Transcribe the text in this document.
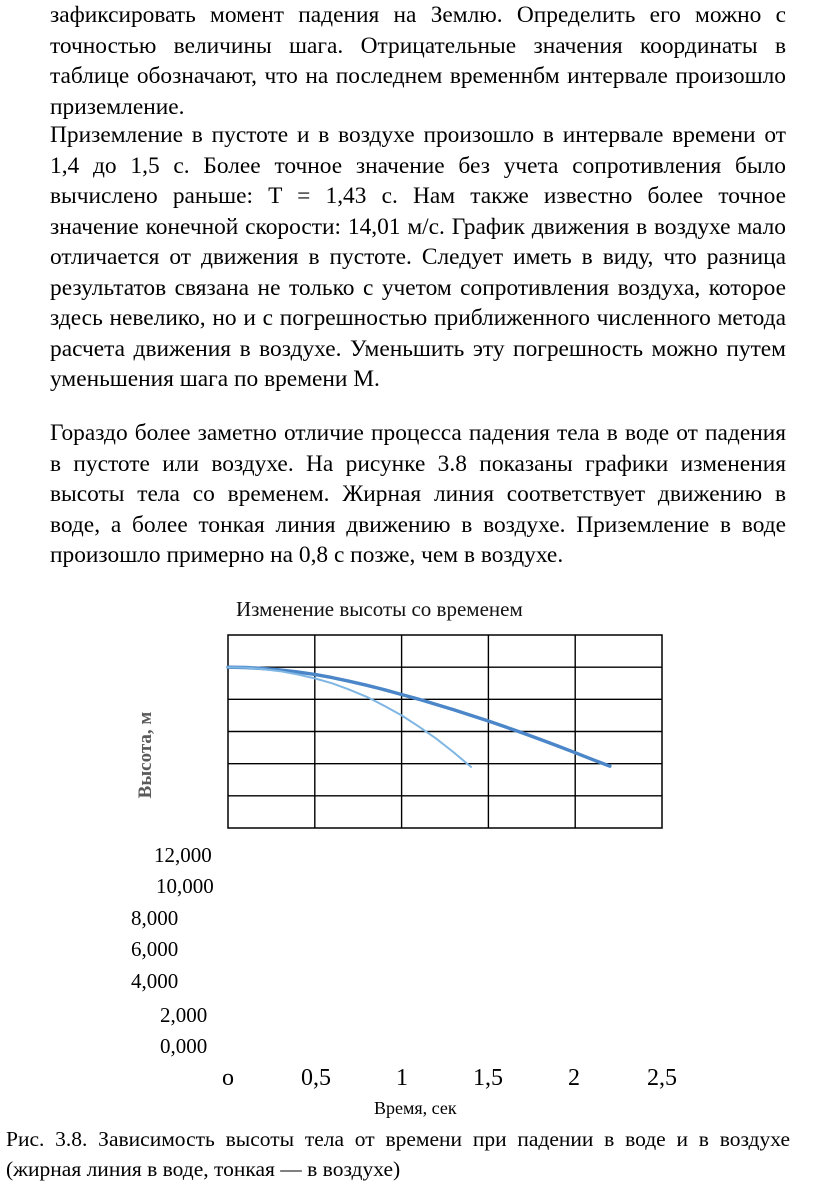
зафиксировать момент падения на Землю. Определить его можно с точностью величины шага. Отрицательные значения координаты в таблице обозначают, что на последнем временнбм интервале произошло приземление.

Приземление в пустоте и в воздухе произошло в интервале времени от 1,4 до 1,5 с. Более точное значение без учета сопротивления было вычислено раньше: T = 1,43 с. Нам также известно более точное значение конечной скорости: 14,01 м/с. График движения в воздухе мало отличается от движения в пустоте. Следует иметь в виду, что разница результатов связана не только с учетом сопротивления воздуха, которое здесь невелико, но и с погрешностью приближенного численного метода расчета движения в воздухе. Уменьшить эту погрешность можно путем уменьшения шага по времени М.

Гораздо более заметно отличие процесса падения тела в воде от падения в пустоте или воздухе. На рисунке 3.8 показаны графики изменения высоты тела со временем. Жирная линия соответствует движению в воде, а более тонкая линия движению в воздухе. Приземление в воде произошло примерно на 0,8 с позже, чем в воздухе.

Изменение высоты со временем
Высота, м
12,000
10,000
8,000
6,000
4,000
2,000
0,000
о	0,5	1	1,5	2	2,5
Время, сек

Рис. 3.8. Зависимость высоты тела от времени при падении в воде и в воздухе (жирная линия в воде, тонкая — в воздухе)
